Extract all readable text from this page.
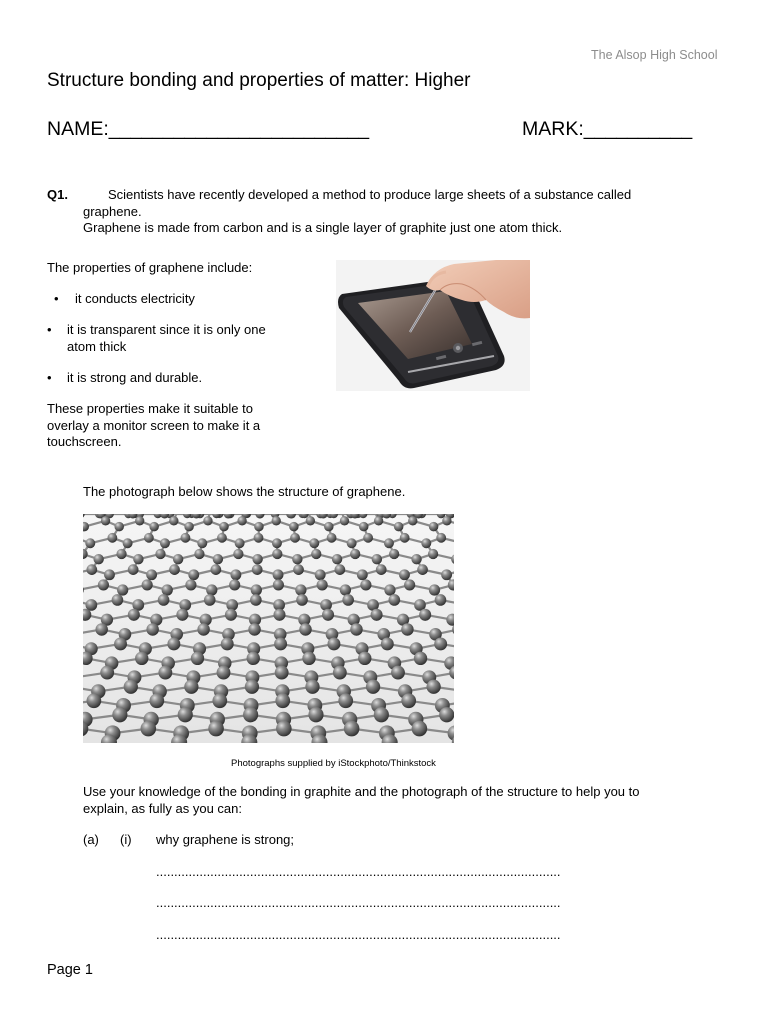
The Alsop High School
Structure bonding and properties of matter: Higher
NAME:________________________	MARK:__________
Q1.	Scientists have recently developed a method to produce large sheets of a substance called
graphene.
Graphene is made from carbon and is a single layer of graphite just one atom thick.
The properties of graphene include:
• it conducts electricity
• it is transparent since it is only one atom thick
• it is strong and durable.
These properties make it suitable to overlay a monitor screen to make it a touchscreen.
The photograph below shows the structure of graphene.
Photographs supplied by iStockphoto/Thinkstock
Use your knowledge of the bonding in graphite and the photograph of the structure to help you to explain, as fully as you can:
(a) (i) why graphene is strong;
................................................................................................................
................................................................................................................
................................................................................................................
Page 1
